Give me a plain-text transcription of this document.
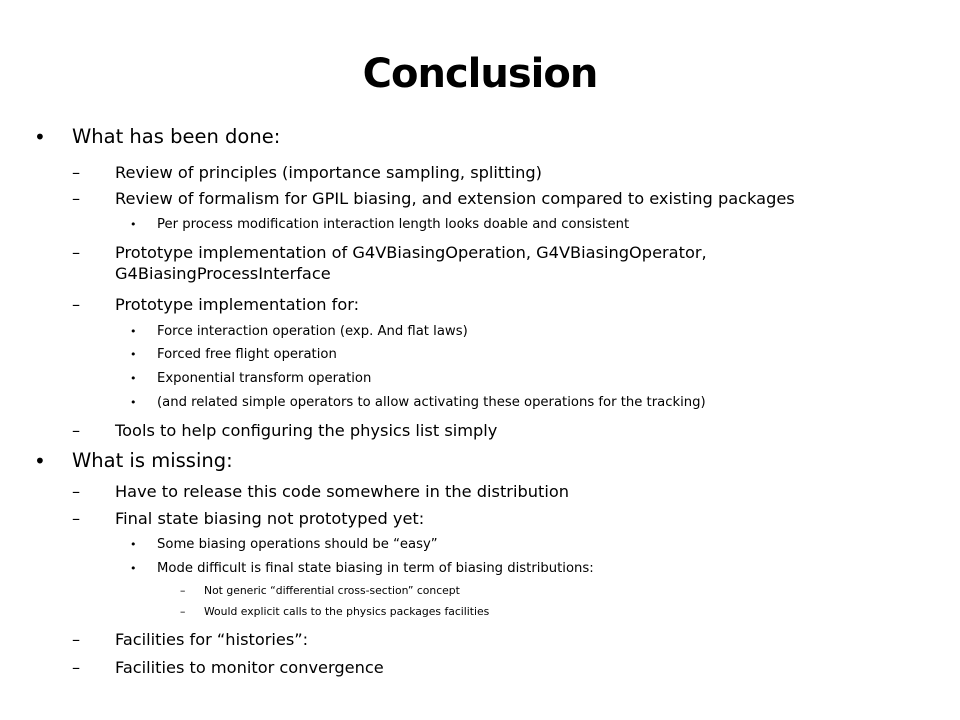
Conclusion
• What has been done:
– Review of principles (importance sampling, splitting)
– Review of formalism for GPIL biasing, and extension compared to existing packages
• Per process modification interaction length looks doable and consistent
– Prototype implementation of G4VBiasingOperation, G4VBiasingOperator,
G4BiasingProcessInterface
– Prototype implementation for:
• Force interaction operation (exp. And flat laws)
• Forced free flight operation
• Exponential transform operation
• (and related simple operators to allow activating these operations for the tracking)
– Tools to help configuring the physics list simply
• What is missing:
– Have to release this code somewhere in the distribution
– Final state biasing not prototyped yet:
• Some biasing operations should be “easy”
• Mode difficult is final state biasing in term of biasing distributions:
– Not generic “differential cross-section” concept
– Would explicit calls to the physics packages facilities
– Facilities for “histories”:
– Facilities to monitor convergence
